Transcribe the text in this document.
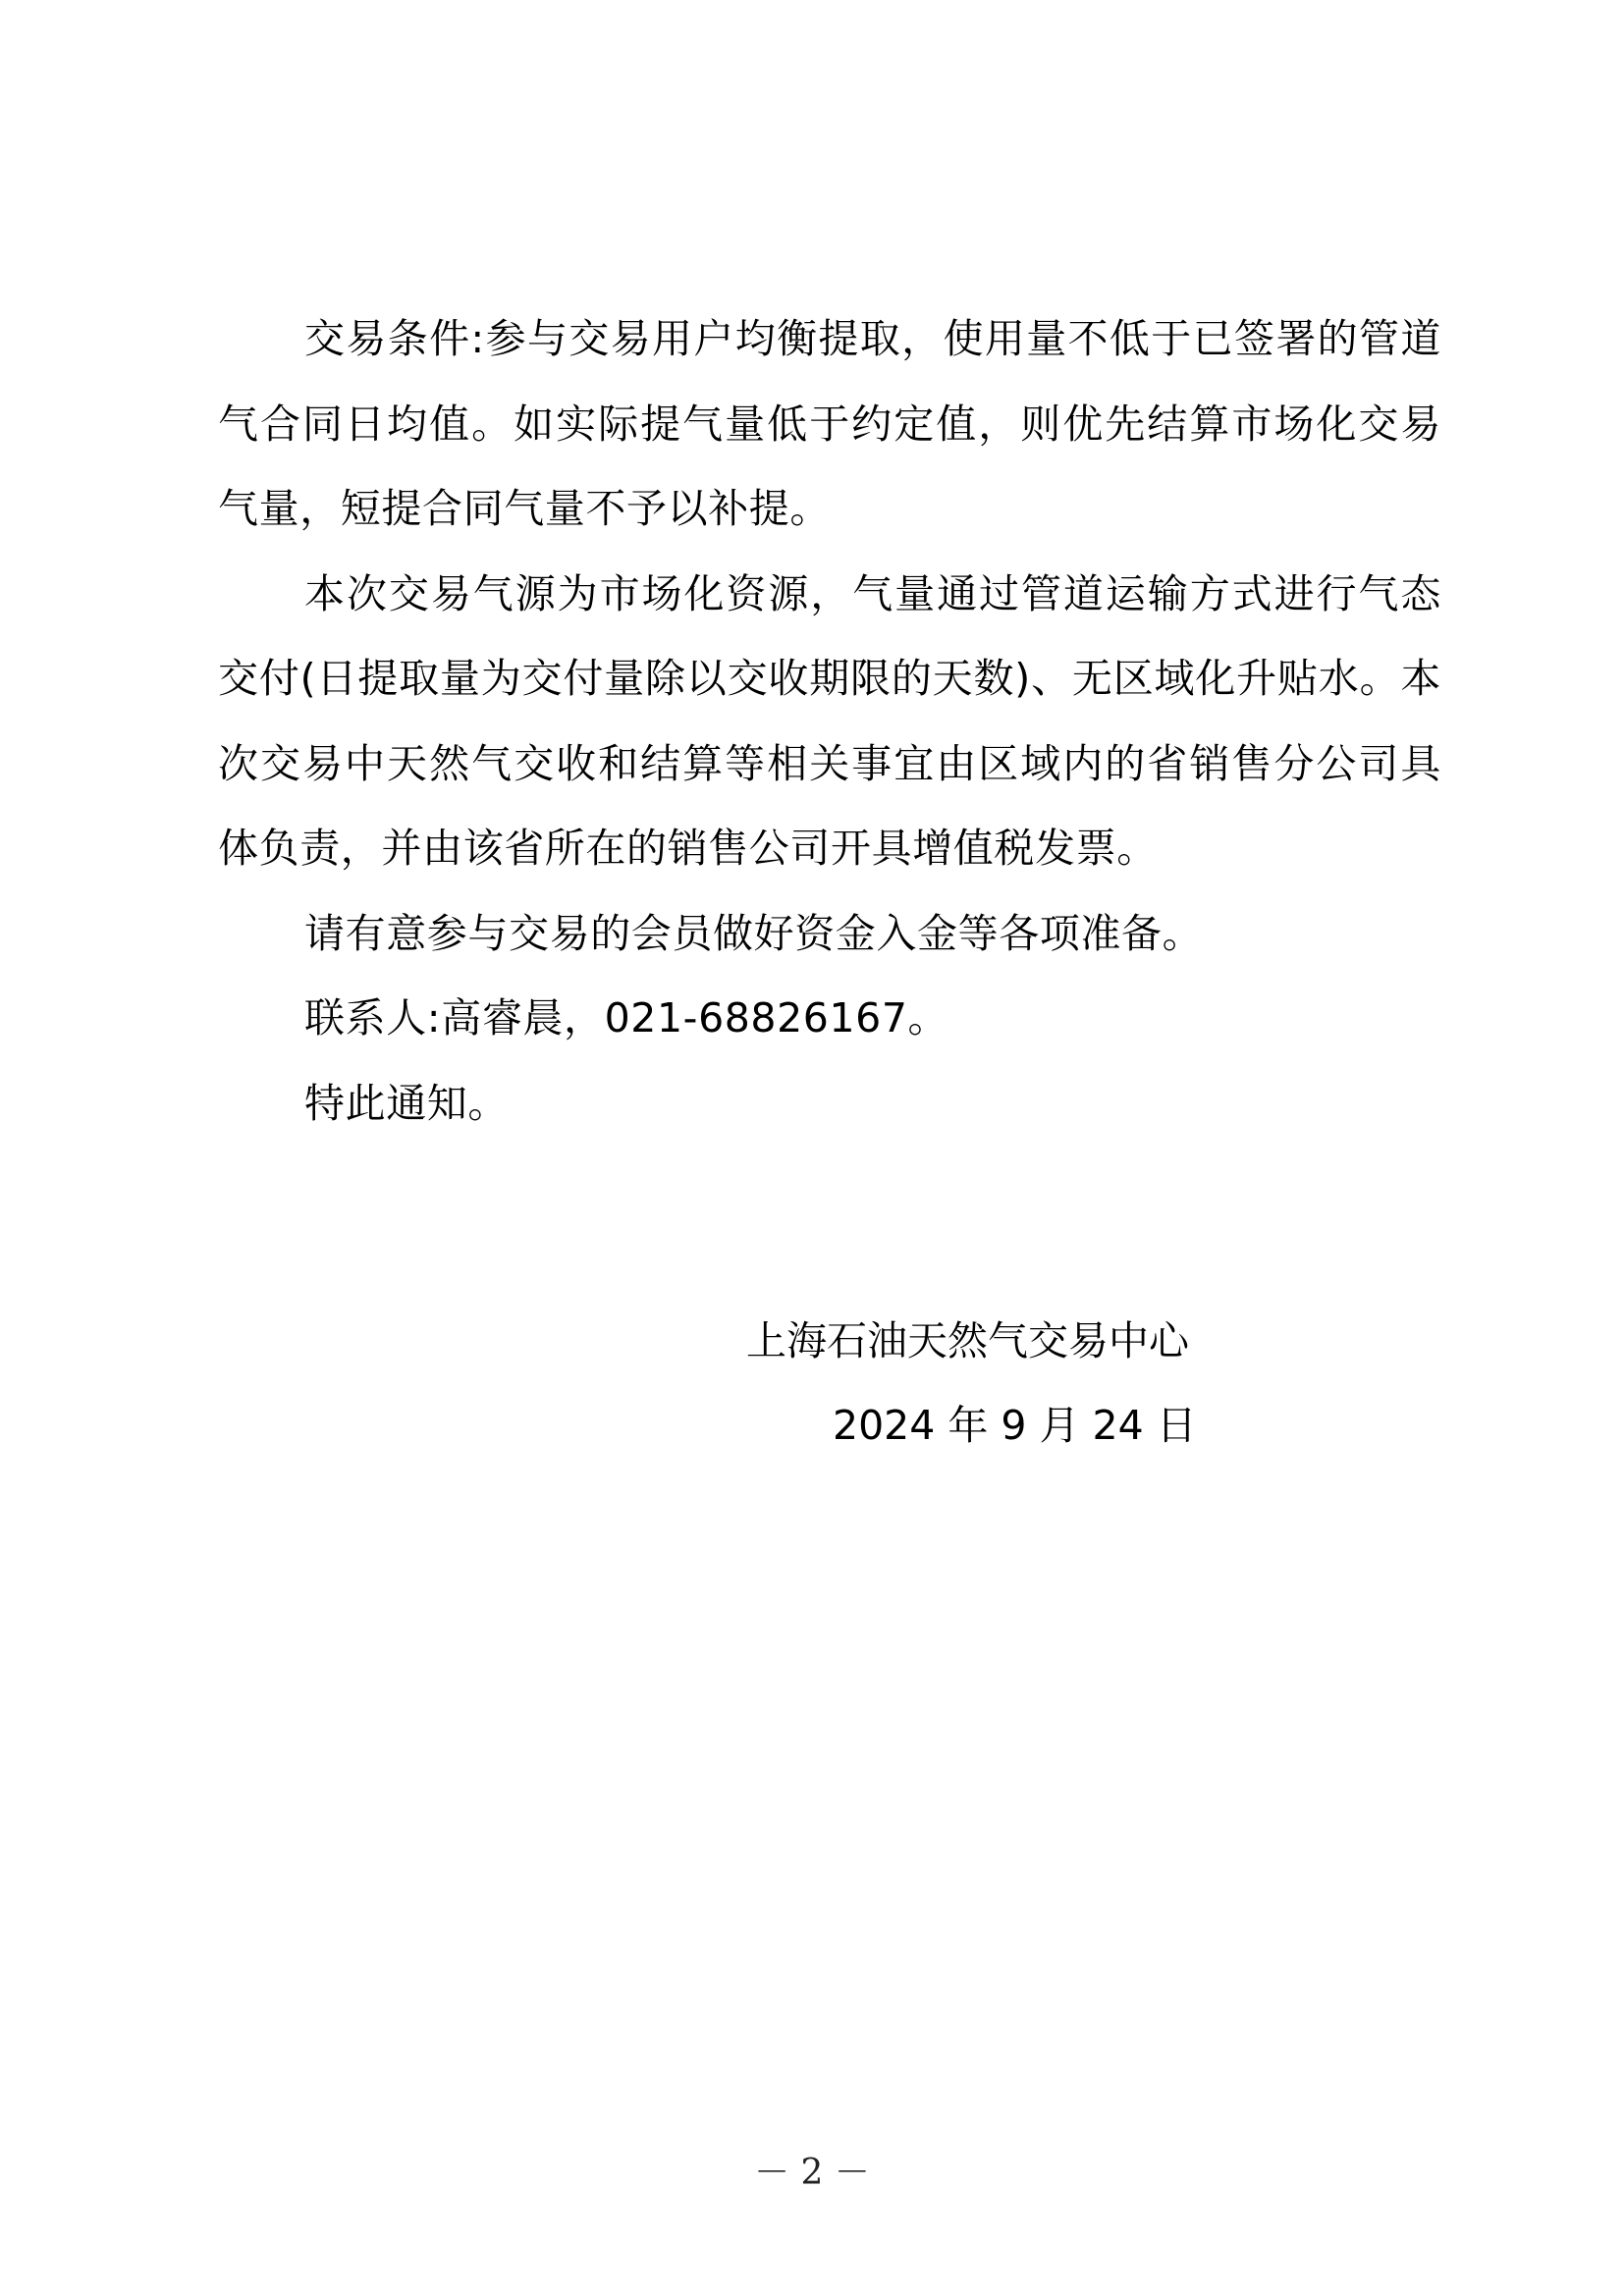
交易条件:参与交易用户均衡提取，使用量不低于已签署的管道气合同日均值。如实际提气量低于约定值，则优先结算市场化交易气量，短提合同气量不予以补提。

本次交易气源为市场化资源，气量通过管道运输方式进行气态交付(日提取量为交付量除以交收期限的天数)、无区域化升贴水。本次交易中天然气交收和结算等相关事宜由区域内的省销售分公司具体负责，并由该省所在的销售公司开具增值税发票。

请有意参与交易的会员做好资金入金等各项准备。

联系人:高睿晨，021-68826167。

特此通知。

上海石油天然气交易中心

2024 年 9 月 24 日

－ 2 －
